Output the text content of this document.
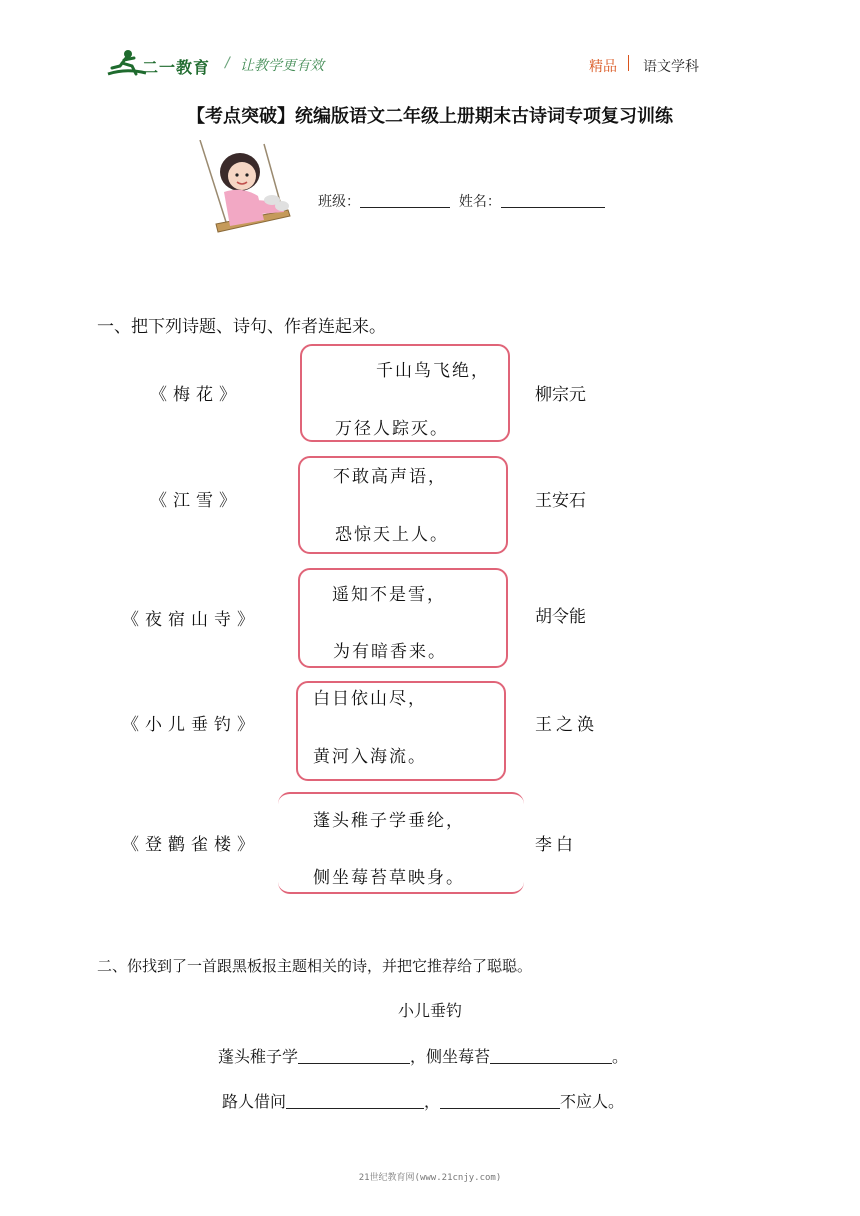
二一教育 / 让教学更有效	精品 语文学科
【考点突破】统编版语文二年级上册期末古诗词专项复习训练
班级：	姓名：
一、把下列诗题、诗句、作者连起来。
《梅花》
千山鸟飞绝，
万径人踪灭。
柳宗元
《江雪》
不敢高声语，
恐惊天上人。
王安石
《夜宿山寺》
遥知不是雪，
为有暗香来。
胡令能
《小儿垂钓》
白日依山尽，
黄河入海流。
王之涣
《登鹳雀楼》
蓬头稚子学垂纶，
侧坐莓苔草映身。
李白
二、你找到了一首跟黑板报主题相关的诗，并把它推荐给了聪聪。
小儿垂钓
蓬头稚子学	，侧坐莓苔	。
路人借问	，	不应人。
21世纪教育网(www.21cnjy.com)
